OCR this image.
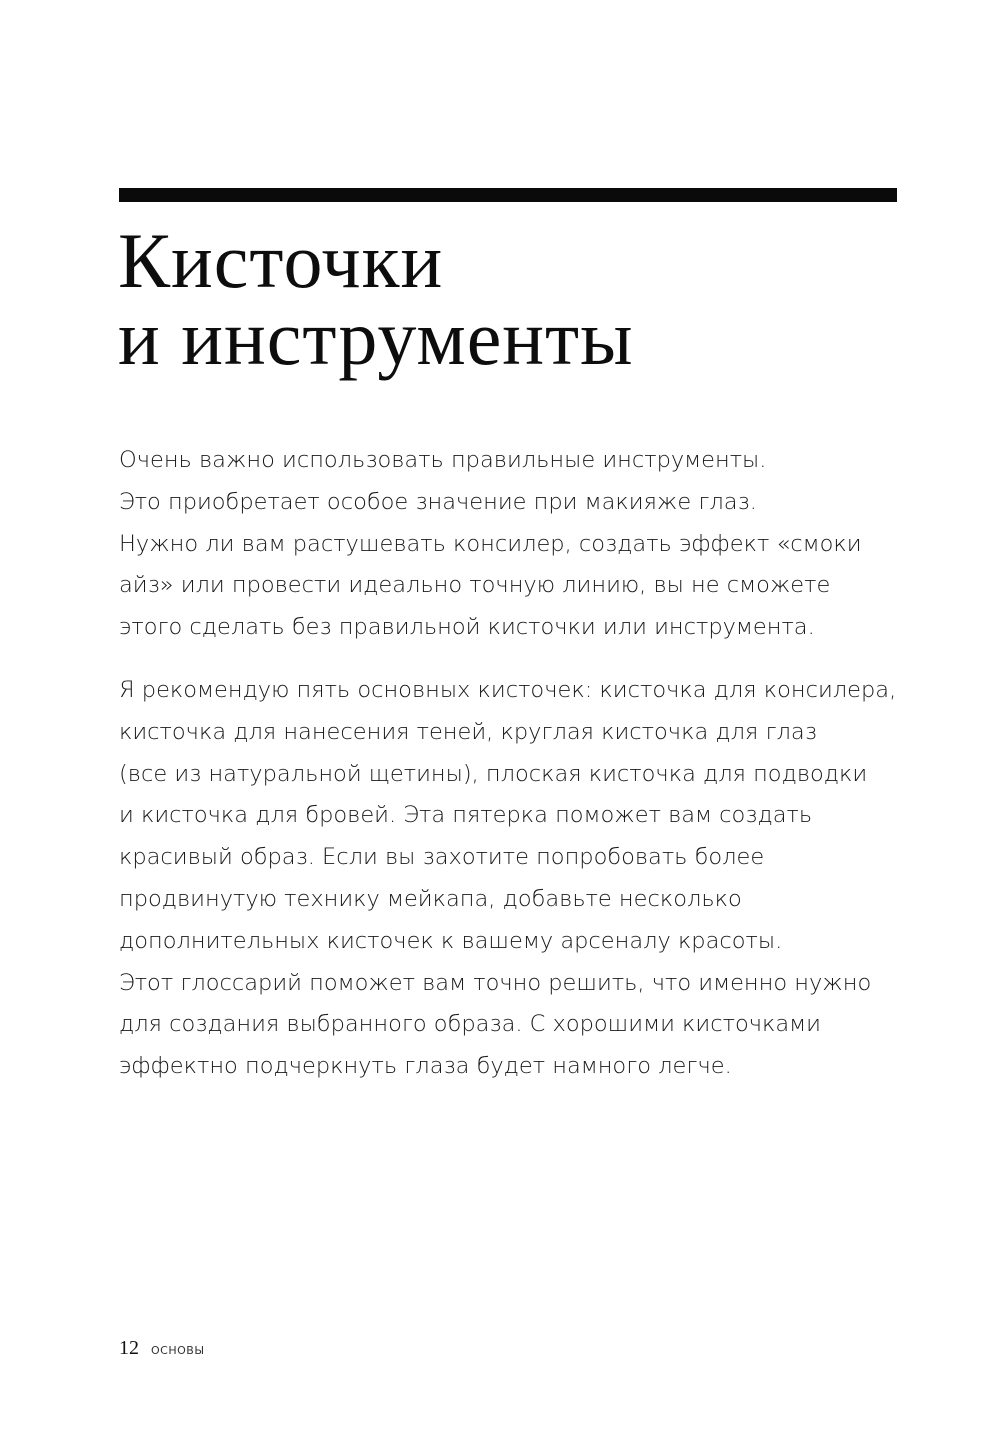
Кисточки
и инструменты

Очень важно использовать правильные инструменты.
Это приобретает особое значение при макияже глаз.
Нужно ли вам растушевать консилер, создать эффект «смоки
айз» или провести идеально точную линию, вы не сможете
этого сделать без правильной кисточки или инструмента.

Я рекомендую пять основных кисточек: кисточка для консилера,
кисточка для нанесения теней, круглая кисточка для глаз
(все из натуральной щетины), плоская кисточка для подводки
и кисточка для бровей. Эта пятерка поможет вам создать
красивый образ. Если вы захотите попробовать более
продвинутую технику мейкапа, добавьте несколько
дополнительных кисточек к вашему арсеналу красоты.
Этот глоссарий поможет вам точно решить, что именно нужно
для создания выбранного образа. С хорошими кисточками
эффектно подчеркнуть глаза будет намного легче.

12 ОСНОВЫ
